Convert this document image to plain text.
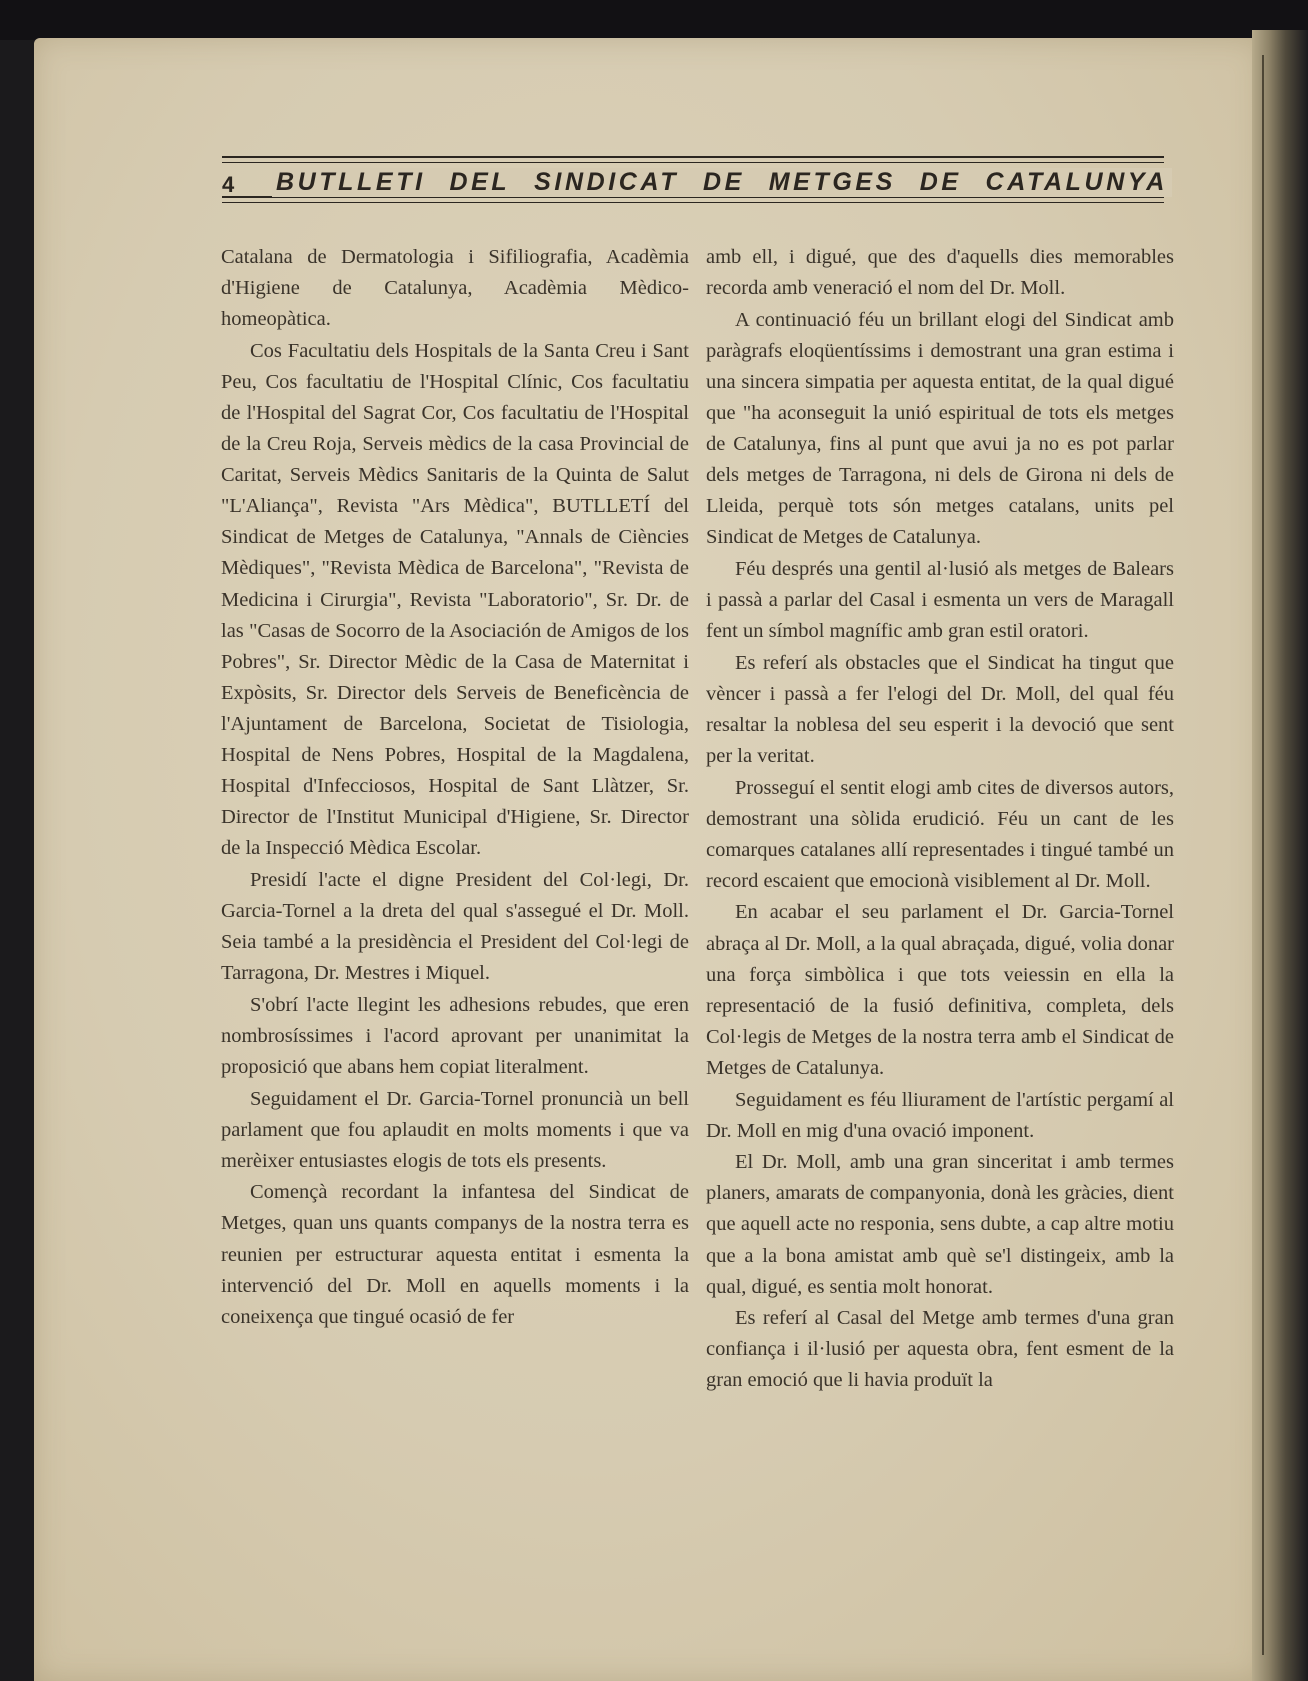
4 BUTLLETI DEL SINDICAT DE METGES DE CATALUNYA

Catalana de Dermatologia i Sifiliografia, Acadèmia d'Higiene de Catalunya, Acadèmia Mèdico-homeopàtica.

Cos Facultatiu dels Hospitals de la Santa Creu i Sant Peu, Cos facultatiu de l'Hospital Clínic, Cos facultatiu de l'Hospital del Sagrat Cor, Cos facultatiu de l'Hospital de la Creu Roja, Serveis mèdics de la casa Provincial de Caritat, Serveis Mèdics Sanitaris de la Quinta de Salut "L'Aliança", Revista "Ars Mèdica", BUTLLETÍ del Sindicat de Metges de Catalunya, "Annals de Ciències Mèdiques", "Revista Mèdica de Barcelona", "Revista de Medicina i Cirurgia", Revista "Laboratorio", Sr. Dr. de las "Casas de Socorro de la Asociación de Amigos de los Pobres", Sr. Director Mèdic de la Casa de Maternitat i Expòsits, Sr. Director dels Serveis de Beneficència de l'Ajuntament de Barcelona, Societat de Tisiologia, Hospital de Nens Pobres, Hospital de la Magdalena, Hospital d'Infecciosos, Hospital de Sant Llàtzer, Sr. Director de l'Institut Municipal d'Higiene, Sr. Director de la Inspecció Mèdica Escolar.

Presidí l'acte el digne President del Col·legi, Dr. Garcia-Tornel a la dreta del qual s'assegué el Dr. Moll. Seia també a la presidència el President del Col·legi de Tarragona, Dr. Mestres i Miquel.

S'obrí l'acte llegint les adhesions rebudes, que eren nombrosíssimes i l'acord aprovant per unanimitat la proposició que abans hem copiat literalment.

Seguidament el Dr. Garcia-Tornel pronuncià un bell parlament que fou aplaudit en molts moments i que va merèixer entusiastes elogis de tots els presents.

Començà recordant la infantesa del Sindicat de Metges, quan uns quants companys de la nostra terra es reunien per estructurar aquesta entitat i esmenta la intervenció del Dr. Moll en aquells moments i la coneixença que tingué ocasió de fer

amb ell, i digué, que des d'aquells dies memorables recorda amb veneració el nom del Dr. Moll.

A continuació féu un brillant elogi del Sindicat amb paràgrafs eloqüentíssims i demostrant una gran estima i una sincera simpatia per aquesta entitat, de la qual digué que "ha aconseguit la unió espiritual de tots els metges de Catalunya, fins al punt que avui ja no es pot parlar dels metges de Tarragona, ni dels de Girona ni dels de Lleida, perquè tots són metges catalans, units pel Sindicat de Metges de Catalunya.

Féu després una gentil al·lusió als metges de Balears i passà a parlar del Casal i esmenta un vers de Maragall fent un símbol magnífic amb gran estil oratori.

Es referí als obstacles que el Sindicat ha tingut que vèncer i passà a fer l'elogi del Dr. Moll, del qual féu resaltar la noblesa del seu esperit i la devoció que sent per la veritat.

Prosseguí el sentit elogi amb cites de diversos autors, demostrant una sòlida erudició. Féu un cant de les comarques catalanes allí representades i tingué també un record escaient que emocionà visiblement al Dr. Moll.

En acabar el seu parlament el Dr. Garcia-Tornel abraça al Dr. Moll, a la qual abraçada, digué, volia donar una força simbòlica i que tots veiessin en ella la representació de la fusió definitiva, completa, dels Col·legis de Metges de la nostra terra amb el Sindicat de Metges de Catalunya.

Seguidament es féu lliurament de l'artístic pergamí al Dr. Moll en mig d'una ovació imponent.

El Dr. Moll, amb una gran sinceritat i amb termes planers, amarats de companyonia, donà les gràcies, dient que aquell acte no responia, sens dubte, a cap altre motiu que a la bona amistat amb què se'l distingeix, amb la qual, digué, es sentia molt honorat.

Es referí al Casal del Metge amb termes d'una gran confiança i il·lusió per aquesta obra, fent esment de la gran emoció que li havia produït la
